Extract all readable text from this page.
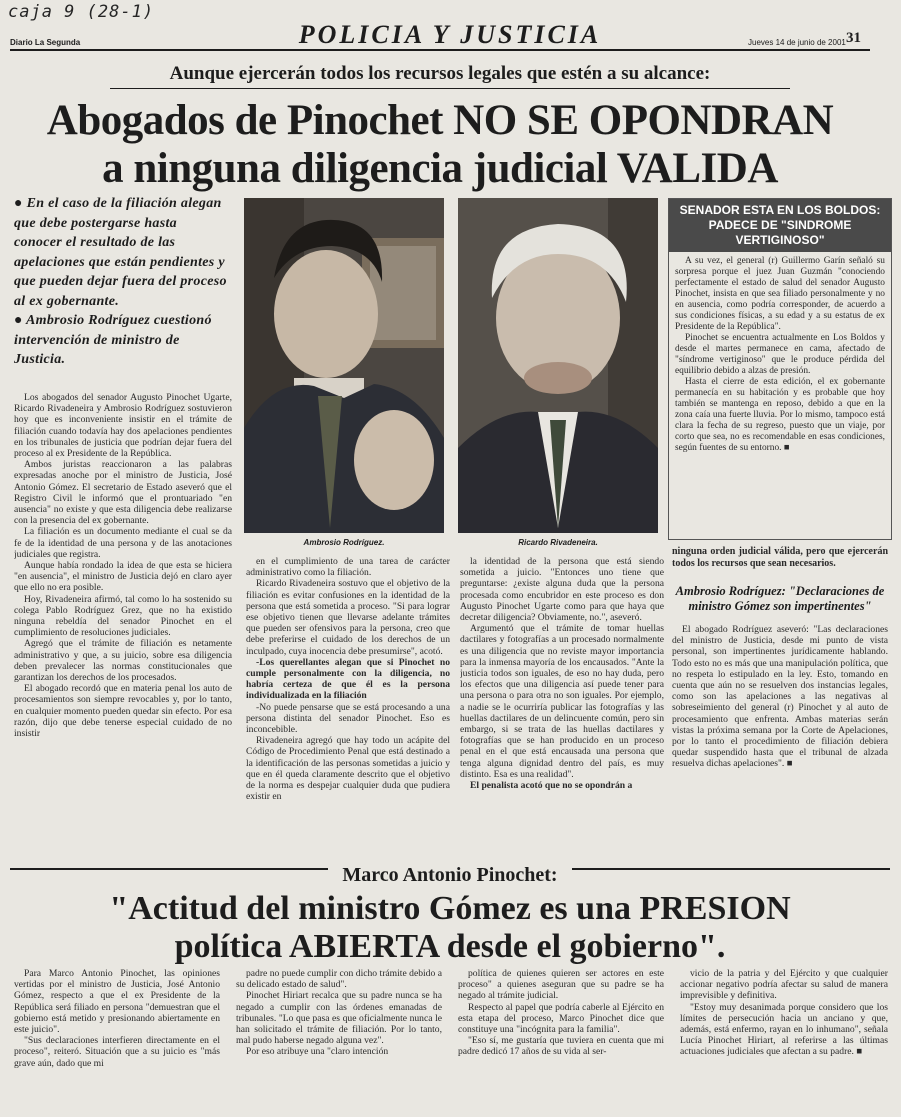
caja 9 (28-1)
Diario La Segunda	POLICIA Y JUSTICIA	Jueves 14 de junio de 2001 31
Aunque ejercerán todos los recursos legales que estén a su alcance:
Abogados de Pinochet NO SE OPONDRAN
a ninguna diligencia judicial VALIDA
● En el caso de la filiación alegan que debe postergarse hasta conocer el resultado de las apelaciones que están pendientes y que pueden dejar fuera del proceso al ex gobernante.
● Ambrosio Rodríguez cuestionó intervención de ministro de Justicia.
Ambrosio Rodríguez.	Ricardo Rivadeneira.
SENADOR ESTA EN LOS BOLDOS: PADECE DE "SINDROME VERTIGINOSO"

A su vez, el general (r) Guillermo Garín señaló su sorpresa porque el juez Juan Guzmán "conociendo perfectamente el estado de salud del senador Augusto Pinochet, insista en que sea filiado personalmente y no en ausencia, como podría corresponder, de acuerdo a sus condiciones físicas, a su edad y a su estatus de ex Presidente de la República".

Pinochet se encuentra actualmente en Los Boldos y desde el martes permanece en cama, afectado de "síndrome vertiginoso" que le produce pérdida del equilibrio debido a alzas de presión.

Hasta el cierre de esta edición, el ex gobernante permanecía en su habitación y es probable que hoy también se mantenga en reposo, debido a que en la zona caía una fuerte lluvia. Por lo mismo, tampoco está clara la fecha de su regreso, puesto que un viaje, por corto que sea, no es recomendable en esas condiciones, según fuentes de su entorno. ■

Los abogados del senador Augusto Pinochet Ugarte, Ricardo Rivadeneira y Ambrosio Rodríguez sostuvieron hoy que es inconveniente insistir en el trámite de filiación cuando todavía hay dos apelaciones pendientes en los tribunales de justicia que podrían dejar fuera del proceso al ex Presidente de la República.

Ambos juristas reaccionaron a las palabras expresadas anoche por el ministro de Justicia, José Antonio Gómez. El secretario de Estado aseveró que el Registro Civil le informó que el prontuariado "en ausencia" no existe y que esta diligencia debe realizarse con la presencia del ex gobernante.

La filiación es un documento mediante el cual se da fe de la identidad de una persona y de las anotaciones judiciales que registra.

Aunque había rondado la idea de que esta se hiciera "en ausencia", el ministro de Justicia dejó en claro ayer que ello no era posible.

Hoy, Rivadeneira afirmó, tal como lo ha sostenido su colega Pablo Rodríguez Grez, que no ha existido ninguna rebeldía del senador Pinochet en el cumplimiento de resoluciones judiciales.

Agregó que el trámite de filiación es netamente administrativo y que, a su juicio, sobre esa diligencia deben prevalecer las normas constitucionales que garantizan los derechos de los procesados.

El abogado recordó que en materia penal los auto de procesamientos son siempre revocables y, por lo tanto, en cualquier momento pueden quedar sin efecto. Por esa razón, dijo que debe tenerse especial cuidado de no insistir

en el cumplimiento de una tarea de carácter administrativo como la filiación.

Ricardo Rivadeneira sostuvo que el objetivo de la filiación es evitar confusiones en la identidad de la persona que está sometida a proceso. "Si para lograr ese objetivo tienen que llevarse adelante trámites que pueden ser ofensivos para la persona, creo que debe preferirse el cuidado de los derechos de un inculpado, cuya inocencia debe presumirse", acotó.

-Los querellantes alegan que si Pinochet no cumple personalmente con la diligencia, no habría certeza de que él es la persona individualizada en la filiación

-No puede pensarse que se está procesando a una persona distinta del senador Pinochet. Eso es inconcebible.

Rivadeneira agregó que hay todo un acápite del Código de Procedimiento Penal que está destinado a la identificación de las personas sometidas a juicio y que en él queda claramente descrito que el objetivo de la norma es despejar cualquier duda que pudiera existir en

la identidad de la persona que está siendo sometida a juicio. "Entonces uno tiene que preguntarse: ¿existe alguna duda que la persona procesada como encubridor en este proceso es don Augusto Pinochet Ugarte como para que haya que decretar diligencia? Obviamente, no.", aseveró.

Argumentó que el trámite de tomar huellas dactilares y fotografías a un procesado normalmente es una diligencia que no reviste mayor importancia para la inmensa mayoría de los encausados. "Ante la justicia todos son iguales, de eso no hay duda, pero los efectos que una diligencia así puede tener para una persona o para otra no son iguales. Por ejemplo, a nadie se le ocurriría publicar las fotografías y las huellas dactilares de un delincuente común, pero sin embargo, si se trata de las huellas dactilares y fotografías que se han producido en un proceso penal en el que está encausada una persona que tenga alguna dignidad dentro del país, es muy distinto. Esa es una realidad".

El penalista acotó que no se opondrán a

ninguna orden judicial válida, pero que ejercerán todos los recursos que sean necesarios.
Ambrosio Rodríguez: "Declaraciones de ministro Gómez son impertinentes"

El abogado Rodríguez aseveró: "Las declaraciones del ministro de Justicia, desde mi punto de vista personal, son impertinentes jurídicamente hablando. Todo esto no es más que una manipulación política, que no respeta lo estipulado en la ley. Esto, tomando en cuenta que aún no se resuelven dos instancias legales, como son las apelaciones a las negativas al sobreseimiento del general (r) Pinochet y al auto de procesamiento que enfrenta. Ambas materias serán vistas la próxima semana por la Corte de Apelaciones, por lo tanto el procedimiento de filiación debiera quedar suspendido hasta que el tribunal de alzada resuelva dichas apelaciones". ■

Marco Antonio Pinochet:
"Actitud del ministro Gómez es una PRESION
política ABIERTA desde el gobierno".

Para Marco Antonio Pinochet, las opiniones vertidas por el ministro de Justicia, José Antonio Gómez, respecto a que el ex Presidente de la República será filiado en persona "demuestran que el gobierno está metido y presionando abiertamente en este juicio".

"Sus declaraciones interfieren directamente en el proceso", reiteró. Situación que a su juicio es "más grave aún, dado que mi

padre no puede cumplir con dicho trámite debido a su delicado estado de salud".

Pinochet Hiriart recalca que su padre nunca se ha negado a cumplir con las órdenes emanadas de tribunales. "Lo que pasa es que oficialmente nunca le han solicitado el trámite de filiación. Por lo tanto, mal pudo haberse negado alguna vez".

Por eso atribuye una "claro intención

política de quienes quieren ser actores en este proceso" a quienes aseguran que su padre se ha negado al trámite judicial.

Respecto al papel que podría caberle al Ejército en esta etapa del proceso, Marco Pinochet dice que constituye una "incógnita para la familia".

"Eso sí, me gustaría que tuviera en cuenta que mi padre dedicó 17 años de su vida al ser-

vicio de la patria y del Ejército y que cualquier accionar negativo podría afectar su salud de manera imprevisible y definitiva.

"Estoy muy desanimada porque considero que los límites de persecución hacia un anciano y que, además, está enfermo, rayan en lo inhumano", señala Lucía Pinochet Hiriart, al referirse a las últimas actuaciones judiciales que afectan a su padre. ■
